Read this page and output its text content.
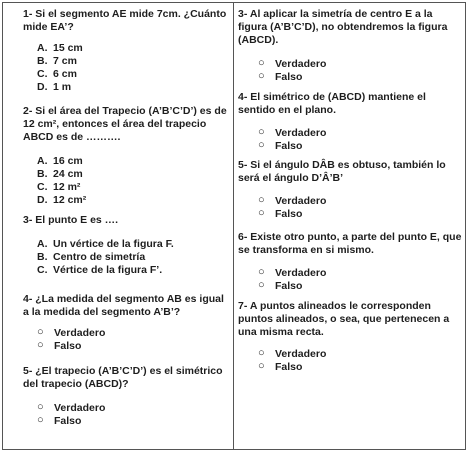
1- Si el segmento AE mide 7cm. ¿Cuánto mide EA’?

A. 15 cm
B. 7 cm
C. 6 cm
D. 1 m

2- Si el área del Trapecio (A’B’C’D’) es de 12 cm², entonces el área del trapecio ABCD es de ……….

A. 16 cm
B. 24 cm
C. 12 m²
D. 12 cm²

3- El punto E es ….

A. Un vértice de la figura F.
B. Centro de simetría
C. Vértice de la figura F’.

4- ¿La medida del segmento AB es igual a la medida del segmento A’B’?

○ Verdadero
○ Falso

5- ¿El trapecio (A’B’C’D’) es el simétrico del trapecio (ABCD)?

○ Verdadero
○ Falso

3- Al aplicar la simetría de centro E a la figura (A’B’C’D), no obtendremos la figura (ABCD).

○ Verdadero
○ Falso

4- El simétrico de (ABCD) mantiene el sentido en el plano.

○ Verdadero
○ Falso

5- Si el ángulo DÂB es obtuso, también lo será el ángulo D’Â’B’

○ Verdadero
○ Falso

6- Existe otro punto, a parte del punto E, que se transforma en si mismo.

○ Verdadero
○ Falso

7- A puntos alineados le corresponden puntos alineados, o sea, que pertenecen a una misma recta.

○ Verdadero
○ Falso
